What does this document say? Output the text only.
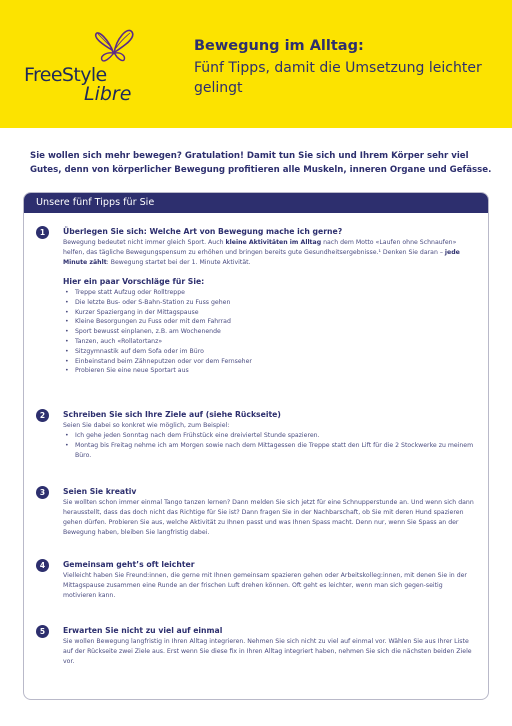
FreeStyle
Libre
Bewegung im Alltag:
Fünf Tipps, damit die Umsetzung leichter gelingt
Sie wollen sich mehr bewegen? Gratulation! Damit tun Sie sich und Ihrem Körper sehr viel Gutes, denn von körperlicher Bewegung profitieren alle Muskeln, inneren Organe und Gefässe.
Unsere fünf Tipps für Sie
1	Überlegen Sie sich: Welche Art von Bewegung mache ich gerne?
Bewegung bedeutet nicht immer gleich Sport. Auch kleine Aktivitäten im Alltag nach dem Motto «Laufen ohne Schnaufen» helfen, das tägliche Bewegungspensum zu erhöhen und bringen bereits gute Gesundheitsergebnisse.¹ Denken Sie daran – jede Minute zählt: Bewegung startet bei der 1. Minute Aktivität.
Hier ein paar Vorschläge für Sie:
• Treppe statt Aufzug oder Rolltreppe
• Die letzte Bus- oder S-Bahn-Station zu Fuss gehen
• Kurzer Spaziergang in der Mittagspause
• Kleine Besorgungen zu Fuss oder mit dem Fahrrad
• Sport bewusst einplanen, z.B. am Wochenende
• Tanzen, auch «Rollatortanz»
• Sitzgymnastik auf dem Sofa oder im Büro
• Einbeinstand beim Zähneputzen oder vor dem Fernseher
• Probieren Sie eine neue Sportart aus
2	Schreiben Sie sich Ihre Ziele auf (siehe Rückseite)
Seien Sie dabei so konkret wie möglich, zum Beispiel:
• Ich gehe jeden Sonntag nach dem Frühstück eine dreiviertel Stunde spazieren.
• Montag bis Freitag nehme ich am Morgen sowie nach dem Mittagessen die Treppe statt den Lift für die 2 Stockwerke zu meinem Büro.
3	Seien Sie kreativ
Sie wollten schon immer einmal Tango tanzen lernen? Dann melden Sie sich jetzt für eine Schnupperstunde an. Und wenn sich dann herausstellt, dass das doch nicht das Richtige für Sie ist? Dann fragen Sie in der Nachbarschaft, ob Sie mit deren Hund spazieren gehen dürfen. Probieren Sie aus, welche Aktivität zu Ihnen passt und was Ihnen Spass macht. Denn nur, wenn Sie Spass an der Bewegung haben, bleiben Sie langfristig dabei.
4	Gemeinsam geht’s oft leichter
Vielleicht haben Sie Freund:innen, die gerne mit Ihnen gemeinsam spazieren gehen oder Arbeitskolleg:innen, mit denen Sie in der Mittagspause zusammen eine Runde an der frischen Luft drehen können. Oft geht es leichter, wenn man sich gegen-seitig motivieren kann.
5	Erwarten Sie nicht zu viel auf einmal
Sie wollen Bewegung langfristig in Ihren Alltag integrieren. Nehmen Sie sich nicht zu viel auf einmal vor. Wählen Sie aus Ihrer Liste auf der Rückseite zwei Ziele aus. Erst wenn Sie diese fix in Ihren Alltag integriert haben, nehmen Sie sich die nächsten beiden Ziele vor.
